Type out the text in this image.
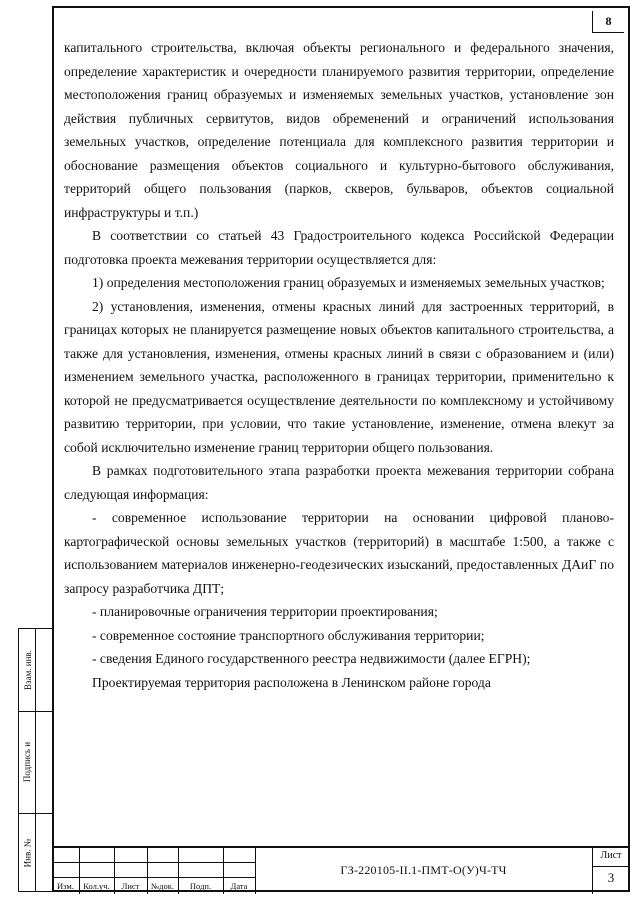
8

капитального строительства, включая объекты регионального и федерального значения, определение характеристик и очередности планируемого развития территории, определение местоположения границ образуемых и изменяемых земельных участков, установление зон действия публичных сервитутов, видов обременений и ограничений использования земельных участков, определение потенциала для комплексного развития территории и обоснование размещения объектов социального и культурно-бытового обслуживания, территорий общего пользования (парков, скверов, бульваров, объектов социальной инфраструктуры и т.п.)

В соответствии со статьей 43 Градостроительного кодекса Российской Федерации подготовка проекта межевания территории осуществляется для:

1) определения местоположения границ образуемых и изменяемых земельных участков;

2) установления, изменения, отмены красных линий для застроенных территорий, в границах которых не планируется размещение новых объектов капитального строительства, а также для установления, изменения, отмены красных линий в связи с образованием и (или) изменением земельного участка, расположенного в границах территории, применительно к которой не предусматривается осуществление деятельности по комплексному и устойчивому развитию территории, при условии, что такие установление, изменение, отмена влекут за собой исключительно изменение границ территории общего пользования.

В рамках подготовительного этапа разработки проекта межевания территории собрана следующая информация:

- современное использование территории на основании цифровой планово-картографической основы земельных участков (территорий) в масштабе 1:500, а также с использованием материалов инженерно-геодезических изысканий, предоставленных ДАиГ по запросу разработчика ДПТ;

- планировочные ограничения территории проектирования;

- современное состояние транспортного обслуживания территории;

- сведения Единого государственного реестра недвижимости (далее ЕГРН);

Проектируемая территория расположена в Ленинском районе города

Взам. инв.
Подпись и
Инв. №
Изм.	Кол.уч.	Лист	№док.	Подп.	Дата
ГЗ-220105-II.1-ПМТ-О(У)Ч-ТЧ
Лист
3
